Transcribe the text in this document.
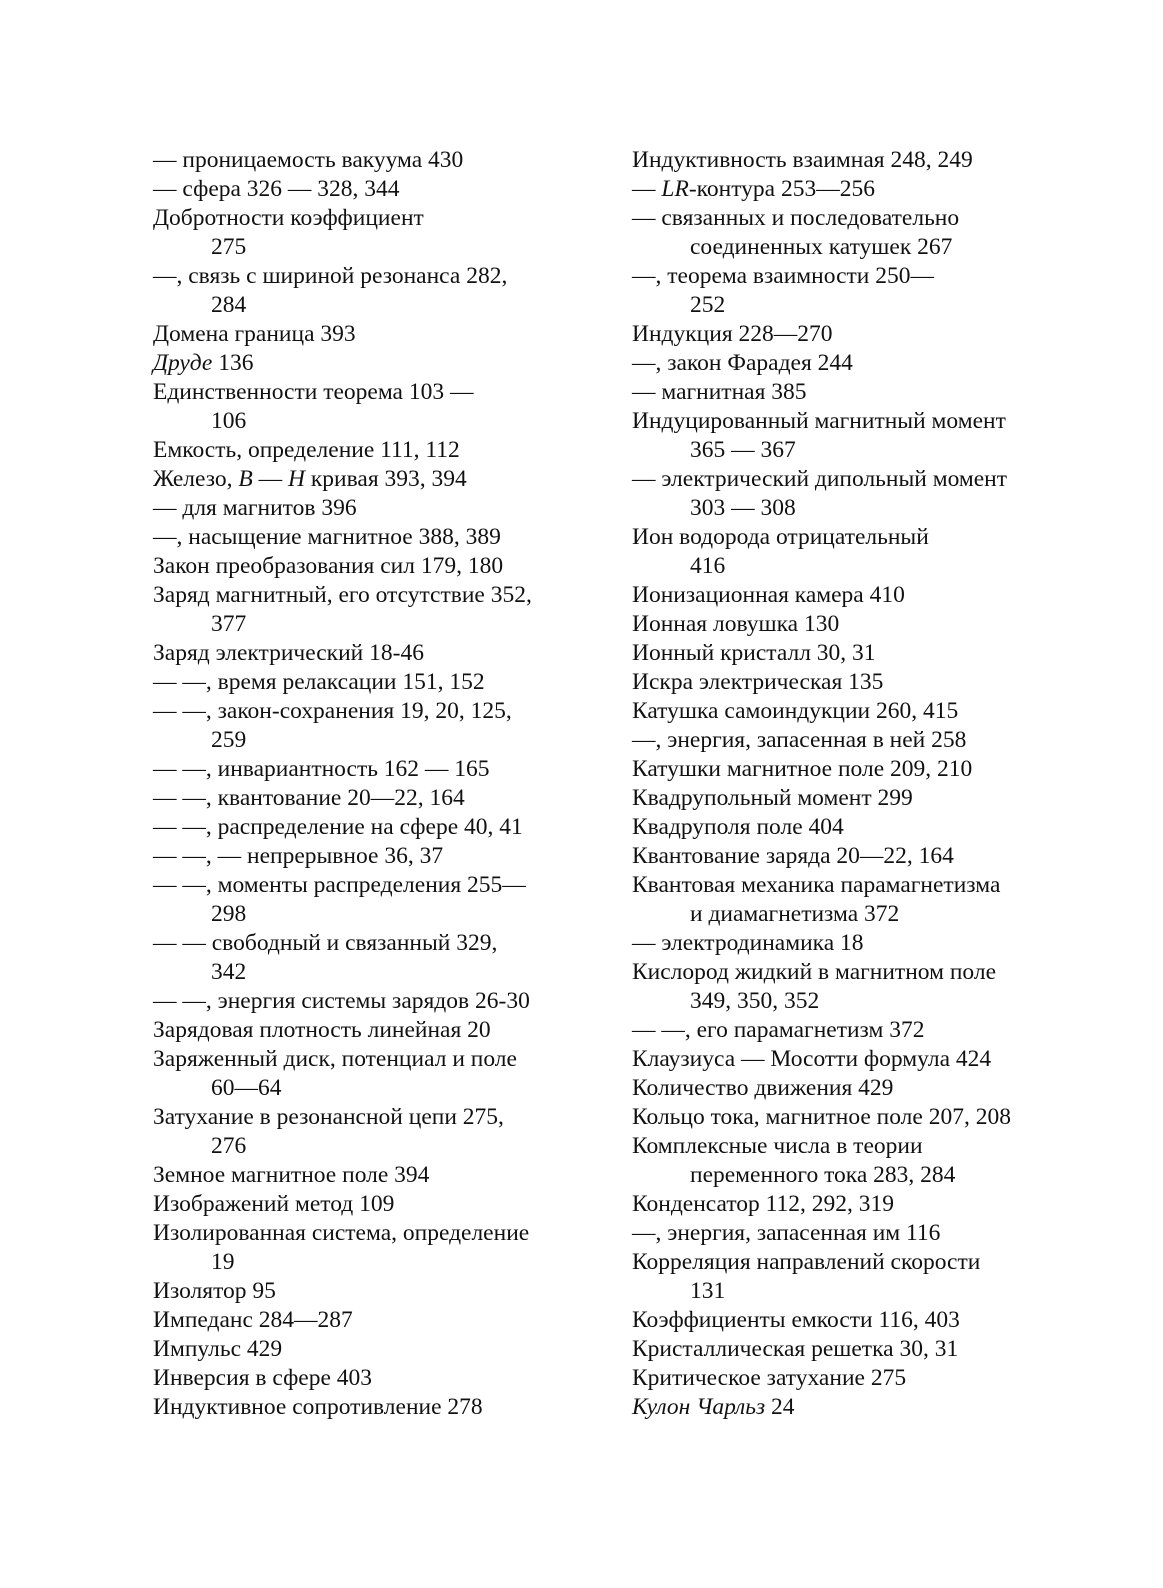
— проницаемость вакуума 430
— сфера 326 — 328, 344
Добротности коэффициент
275
—, связь с шириной резонанса 282,
284
Домена граница 393
Друде 136
Единственности теорема 103 —
106
Емкость, определение 111, 112
Железо, B — H кривая 393, 394
— для магнитов 396
—, насыщение магнитное 388, 389
Закон преобразования сил 179, 180
Заряд магнитный, его отсутствие 352,
377
Заряд электрический 18-46
— —, время релаксации 151, 152
— —, закон-сохранения 19, 20, 125,
259
— —, инвариантность 162 — 165
— —, квантование 20—22, 164
— —, распределение на сфере 40, 41
— —, — непрерывное 36, 37
— —, моменты распределения 255—
298
— — свободный и связанный 329,
342
— —, энергия системы зарядов 26-30
Зарядовая плотность линейная 20
Заряженный диск, потенциал и поле
60—64
Затухание в резонансной цепи 275,
276
Земное магнитное поле 394
Изображений метод 109
Изолированная система, определение
19
Изолятор 95
Импеданс 284—287
Импульс 429
Инверсия в сфере 403
Индуктивное сопротивление 278
Индуктивность взаимная 248, 249
— LR-контура 253—256
— связанных и последовательно
соединенных катушек 267
—, теорема взаимности 250—
252
Индукция 228—270
—, закон Фарадея 244
— магнитная 385
Индуцированный магнитный момент
365 — 367
— электрический дипольный момент
303 — 308
Ион водорода отрицательный
416
Ионизационная камера 410
Ионная ловушка 130
Ионный кристалл 30, 31
Искра электрическая 135
Катушка самоиндукции 260, 415
—, энергия, запасенная в ней 258
Катушки магнитное поле 209, 210
Квадрупольный момент 299
Квадруполя поле 404
Квантование заряда 20—22, 164
Квантовая механика парамагнетизма
и диамагнетизма 372
— электродинамика 18
Кислород жидкий в магнитном поле
349, 350, 352
— —, его парамагнетизм 372
Клаузиуса — Мосотти формула 424
Количество движения 429
Кольцо тока, магнитное поле 207, 208
Комплексные числа в теории
переменного тока 283, 284
Конденсатор 112, 292, 319
—, энергия, запасенная им 116
Корреляция направлений скорости
131
Коэффициенты емкости 116, 403
Кристаллическая решетка 30, 31
Критическое затухание 275
Кулон Чарльз 24
